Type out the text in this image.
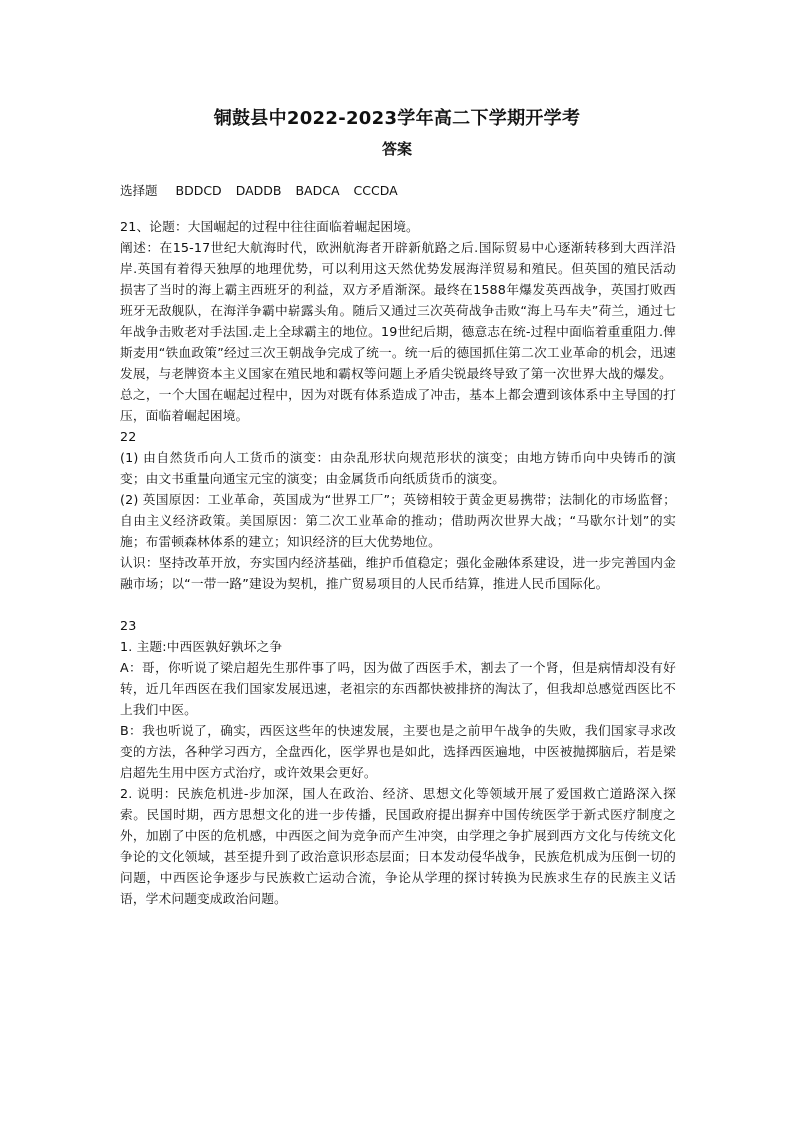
铜鼓县中2022-2023学年高二下学期开学考
答案
选择题 BDDCD DADDB BADCA CCCDA

21、论题：大国崛起的过程中往往面临着崛起困境。

阐述：在15-17世纪大航海时代，欧洲航海者开辟新航路之后.国际贸易中心逐渐转移到大西洋沿岸.英国有着得天独厚的地理优势，可以利用这天然优势发展海洋贸易和殖民。但英国的殖民活动损害了当时的海上霸主西班牙的利益，双方矛盾渐深。最终在1588年爆发英西战争，英国打败西班牙无敌舰队，在海洋争霸中崭露头角。随后又通过三次英荷战争击败“海上马车夫”荷兰，通过七年战争击败老对手法国.走上全球霸主的地位。19世纪后期，德意志在统-过程中面临着重重阻力.俾斯麦用“铁血政策”经过三次王朝战争完成了统一。统一后的德国抓住第二次工业革命的机会，迅速发展，与老牌资本主义国家在殖民地和霸权等问题上矛盾尖锐最终导致了第一次世界大战的爆发。

总之，一个大国在崛起过程中，因为对既有体系造成了冲击，基本上都会遭到该体系中主导国的打压，面临着崛起困境。

22

(1) 由自然货币向人工货币的演变：由杂乱形状向规范形状的演变；由地方铸币向中央铸币的演变；由文书重量向通宝元宝的演变；由金属货币向纸质货币的演变。

(2) 英国原因：工业革命，英国成为“世界工厂”；英镑相较于黄金更易携带；法制化的市场监督；自由主义经济政策。美国原因：第二次工业革命的推动；借助两次世界大战；“马歇尔计划”的实施；布雷顿森林体系的建立；知识经济的巨大优势地位。

认识：坚持改革开放，夯实国内经济基础，维护币值稳定；强化金融体系建设，进一步完善国内金融市场；以“一带一路”建设为契机，推广贸易项目的人民币结算，推进人民币国际化。

23

1. 主题:中西医孰好孰坏之争

A：哥，你听说了梁启超先生那件事了吗，因为做了西医手术，割去了一个肾，但是病情却没有好转，近几年西医在我们国家发展迅速，老祖宗的东西都快被排挤的淘汰了，但我却总感觉西医比不上我们中医。

B：我也听说了，确实，西医这些年的快速发展，主要也是之前甲午战争的失败，我们国家寻求改变的方法，各种学习西方，全盘西化，医学界也是如此，选择西医遍地，中医被抛掷脑后，若是梁启超先生用中医方式治疗，或许效果会更好。

2. 说明：民族危机进-步加深，国人在政治、经济、思想文化等领域开展了爱国救亡道路深入探索。民国时期，西方思想文化的进一步传播，民国政府提出摒弃中国传统医学于新式医疗制度之外，加剧了中医的危机感，中西医之间为竞争而产生冲突，由学理之争扩展到西方文化与传统文化争论的文化领域，甚至提升到了政治意识形态层面；日本发动侵华战争，民族危机成为压倒一切的问题，中西医论争逐步与民族救亡运动合流，争论从学理的探讨转换为民族求生存的民族主义话语，学术问题变成政治问题。
